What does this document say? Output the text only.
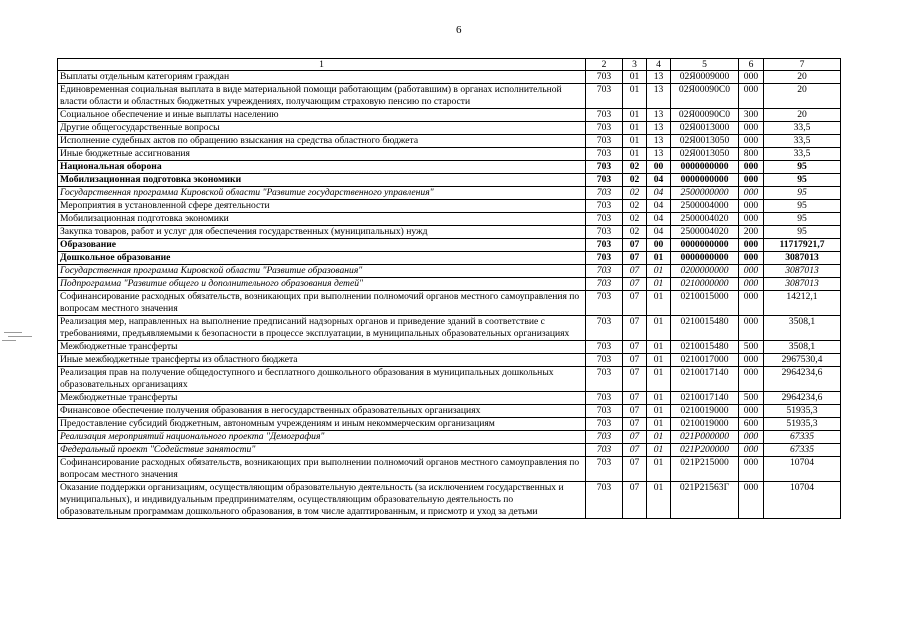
6
1	2	3	4	5	6	7
Выплаты отдельным категориям граждан	703	01	13	02Я0009000	000	20
Единовременная социальная выплата в виде материальной помощи работающим (работавшим) в органах исполнительной власти области и областных бюджетных учреждениях, получающим страховую пенсию по старости	703	01	13	02Я00090С0	000	20
Социальное обеспечение и иные выплаты населению	703	01	13	02Я00090С0	300	20
Другие общегосударственные вопросы	703	01	13	02Я0013000	000	33,5
Исполнение судебных актов по обращению взыскания на средства областного бюджета	703	01	13	02Я0013050	000	33,5
Иные бюджетные ассигнования	703	01	13	02Я0013050	800	33,5
Национальная оборона	703	02	00	0000000000	000	95
Мобилизационная подготовка экономики	703	02	04	0000000000	000	95
Государственная программа Кировской области "Развитие государственного управления"	703	02	04	2500000000	000	95
Мероприятия в установленной сфере деятельности	703	02	04	2500004000	000	95
Мобилизационная подготовка экономики	703	02	04	2500004020	000	95
Закупка товаров, работ и услуг для обеспечения государственных (муниципальных) нужд	703	02	04	2500004020	200	95
Образование	703	07	00	0000000000	000	11717921,7
Дошкольное образование	703	07	01	0000000000	000	3087013
Государственная программа Кировской области "Развитие образования"	703	07	01	0200000000	000	3087013
Подпрограмма "Развитие общего и дополнительного образования детей"	703	07	01	0210000000	000	3087013
Софинансирование расходных обязательств, возникающих при выполнении полномочий органов местного самоуправления по вопросам местного значения	703	07	01	0210015000	000	14212,1
Реализация мер, направленных на выполнение предписаний надзорных органов и приведение зданий в соответствие с требованиями, предъявляемыми к безопасности в процессе эксплуатации, в муниципальных образовательных организациях	703	07	01	0210015480	000	3508,1
Межбюджетные трансферты	703	07	01	0210015480	500	3508,1
Иные межбюджетные трансферты из областного бюджета	703	07	01	0210017000	000	2967530,4
Реализация прав на получение общедоступного и бесплатного дошкольного образования в муниципальных дошкольных образовательных организациях	703	07	01	0210017140	000	2964234,6
Межбюджетные трансферты	703	07	01	0210017140	500	2964234,6
Финансовое обеспечение получения образования в негосударственных образовательных организациях	703	07	01	0210019000	000	51935,3
Предоставление субсидий бюджетным, автономным учреждениям и иным некоммерческим организациям	703	07	01	0210019000	600	51935,3
Реализация мероприятий национального проекта "Демография"	703	07	01	021P000000	000	67335
Федеральный проект "Содействие занятости"	703	07	01	021P200000	000	67335
Софинансирование расходных обязательств, возникающих при выполнении полномочий органов местного самоуправления по вопросам местного значения	703	07	01	021P215000	000	10704
Оказание поддержки организациям, осуществляющим образовательную деятельность (за исключением государственных и муниципальных), и индивидуальным предпринимателям, осуществляющим образовательную деятельность по образовательным программам дошкольного образования, в том числе адаптированным, и присмотр и уход за детьми	703	07	01	021P21563Г	000	10704
